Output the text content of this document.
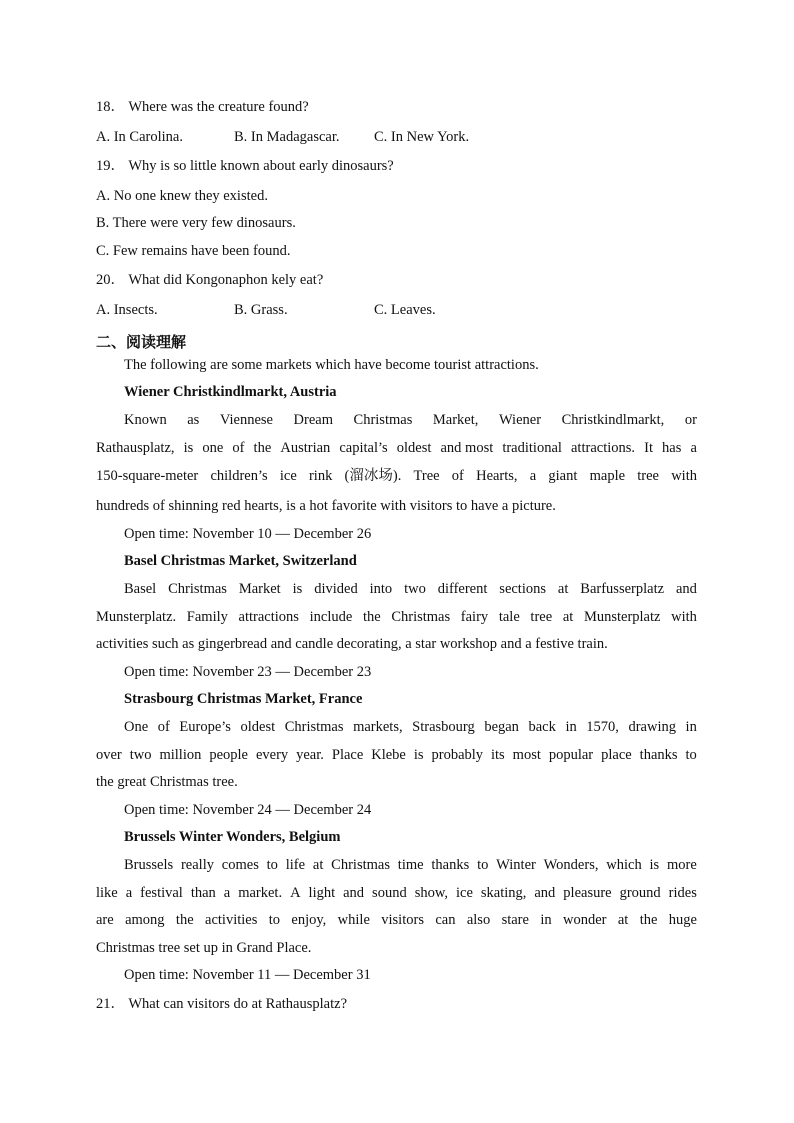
18． Where was the creature found?
A. In Carolina.	B. In Madagascar.	C. In New York.
19． Why is so little known about early dinosaurs?
A. No one knew they existed.
B. There were very few dinosaurs.
C. Few remains have been found.
20． What did Kongonaphon kely eat?
A. Insects.	B. Grass.	C. Leaves.
二、阅读理解
The following are some markets which have become tourist attractions.
Wiener Christkindlmarkt, Austria
Known as Viennese Dream Christmas Market, Wiener Christkindlmarkt, or
Rathausplatz, is one of the Austrian capital’s oldest and most traditional attractions. It has a
150-square-meter children’s ice rink (溜冰场). Tree of Hearts, a giant maple tree with
hundreds of shinning red hearts, is a hot favorite with visitors to have a picture.
Open time: November 10 — December 26
Basel Christmas Market, Switzerland
Basel Christmas Market is divided into two different sections at Barfusserplatz and
Munsterplatz. Family attractions include the Christmas fairy tale tree at Munsterplatz with
activities such as gingerbread and candle decorating, a star workshop and a festive train.
Open time: November 23 — December 23
Strasbourg Christmas Market, France
One of Europe’s oldest Christmas markets, Strasbourg began back in 1570, drawing in
over two million people every year. Place Klebe is probably its most popular place thanks to
the great Christmas tree.
Open time: November 24 — December 24
Brussels Winter Wonders, Belgium
Brussels really comes to life at Christmas time thanks to Winter Wonders, which is more
like a festival than a market. A light and sound show, ice skating, and pleasure ground rides
are among the activities to enjoy, while visitors can also stare in wonder at the huge
Christmas tree set up in Grand Place.
Open time: November 11 — December 31
21． What can visitors do at Rathausplatz?
